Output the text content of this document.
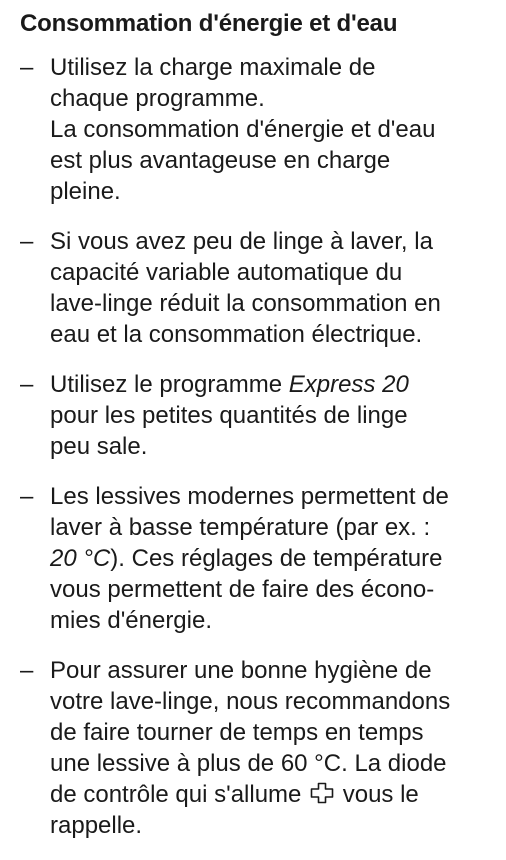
Consommation d'énergie et d'eau
– Utilisez la charge maximale de
chaque programme.
La consommation d'énergie et d'eau
est plus avantageuse en charge
pleine.
– Si vous avez peu de linge à laver, la
capacité variable automatique du
lave-linge réduit la consommation en
eau et la consommation électrique.
– Utilisez le programme Express 20
pour les petites quantités de linge
peu sale.
– Les lessives modernes permettent de
laver à basse température (par ex. :
20 °C). Ces réglages de température
vous permettent de faire des écono-
mies d'énergie.
– Pour assurer une bonne hygiène de
votre lave-linge, nous recommandons
de faire tourner de temps en temps
une lessive à plus de 60 °C. La diode
de contrôle qui s'allume vous le
rappelle.
